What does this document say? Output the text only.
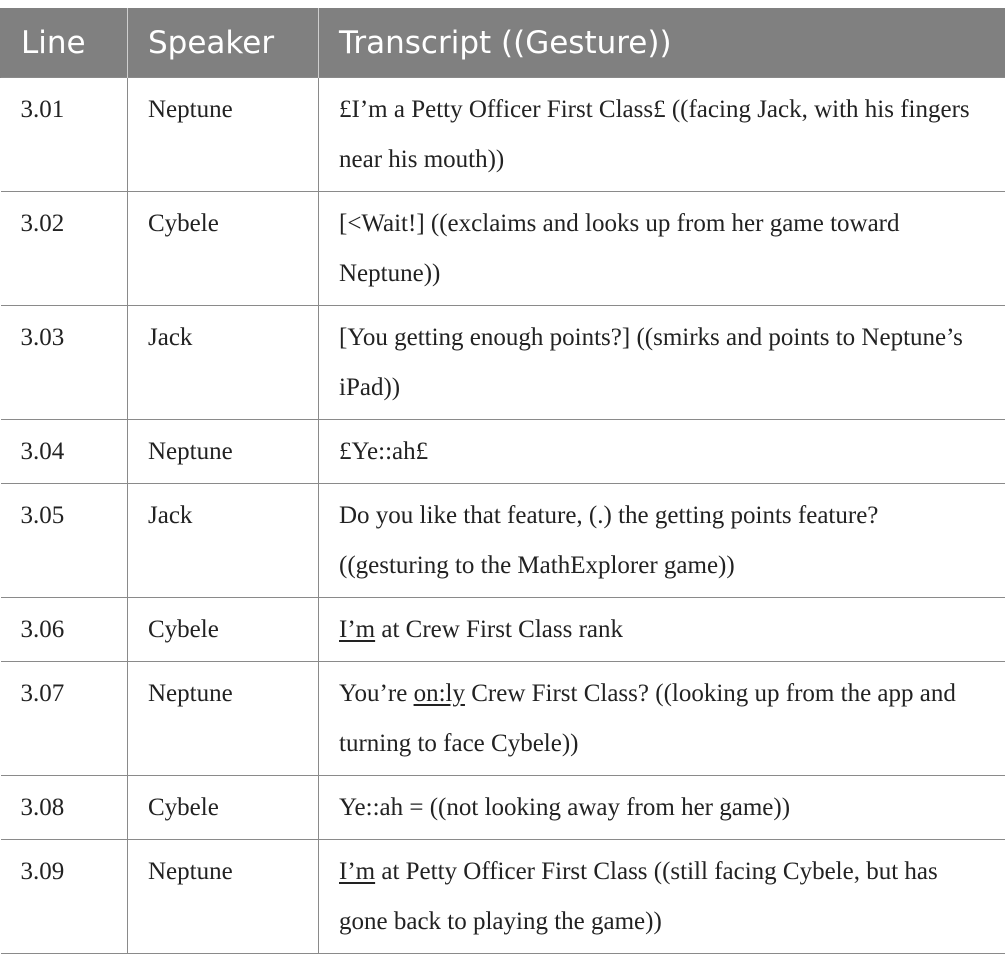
Line	Speaker	Transcript ((Gesture))
3.01	Neptune	£I’m a Petty Officer First Class£ ((facing Jack, with his fingers near his mouth))
3.02	Cybele	[<Wait!] ((exclaims and looks up from her game toward Neptune))
3.03	Jack	[You getting enough points?] ((smirks and points to Neptune’s iPad))
3.04	Neptune	£Ye::ah£
3.05	Jack	Do you like that feature, (.) the getting points feature? ((gesturing to the MathExplorer game))
3.06	Cybele	I’m at Crew First Class rank
3.07	Neptune	You’re on:ly Crew First Class? ((looking up from the app and turning to face Cybele))
3.08	Cybele	Ye::ah = ((not looking away from her game))
3.09	Neptune	I’m at Petty Officer First Class ((still facing Cybele, but has gone back to playing the game))
